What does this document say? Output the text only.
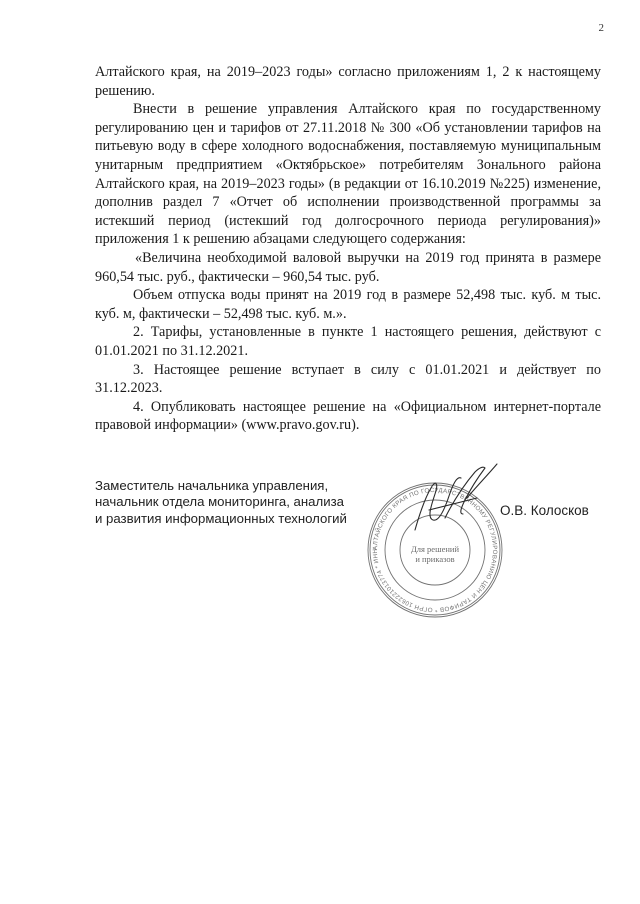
2

Алтайского края, на 2019–2023 годы» согласно приложениям 1, 2 к настоящему решению.

Внести в решение управления Алтайского края по государственному регулированию цен и тарифов от 27.11.2018 № 300 «Об установлении тарифов на питьевую воду в сфере холодного водоснабжения, поставляемую муниципальным унитарным предприятием «Октябрьское» потребителям Зонального района Алтайского края, на 2019–2023 годы» (в редакции от 16.10.2019 №225) изменение, дополнив раздел 7 «Отчет об исполнении производственной программы за истекший период (истекший год долгосрочного периода регулирования)» приложения 1 к решению абзацами следующего содержания:

«Величина необходимой валовой выручки на 2019 год принята в размере 960,54 тыс. руб., фактически – 960,54 тыс. руб.

Объем отпуска воды принят на 2019 год в размере 52,498 тыс. куб. м тыс. куб. м, фактически – 52,498 тыс. куб. м.».

2. Тарифы, установленные в пункте 1 настоящего решения, действуют с 01.01.2021 по 31.12.2021.

3. Настоящее решение вступает в силу с 01.01.2021 и действует по 31.12.2023.

4. Опубликовать настоящее решение на «Официальном интернет-портале правовой информации» (www.pravo.gov.ru).

Заместитель начальника управления,
начальник отдела мониторинга, анализа
и развития информационных технологий
АЛТАЙСКОГО КРАЯ ПО ГОСУДАРСТВЕННОМУ РЕГУЛИРОВАНИЮ ЦЕН И ТАРИФОВ * ОГРН 1062221013774 * ИНН	Для решений
и приказов
О.В. Колосков
